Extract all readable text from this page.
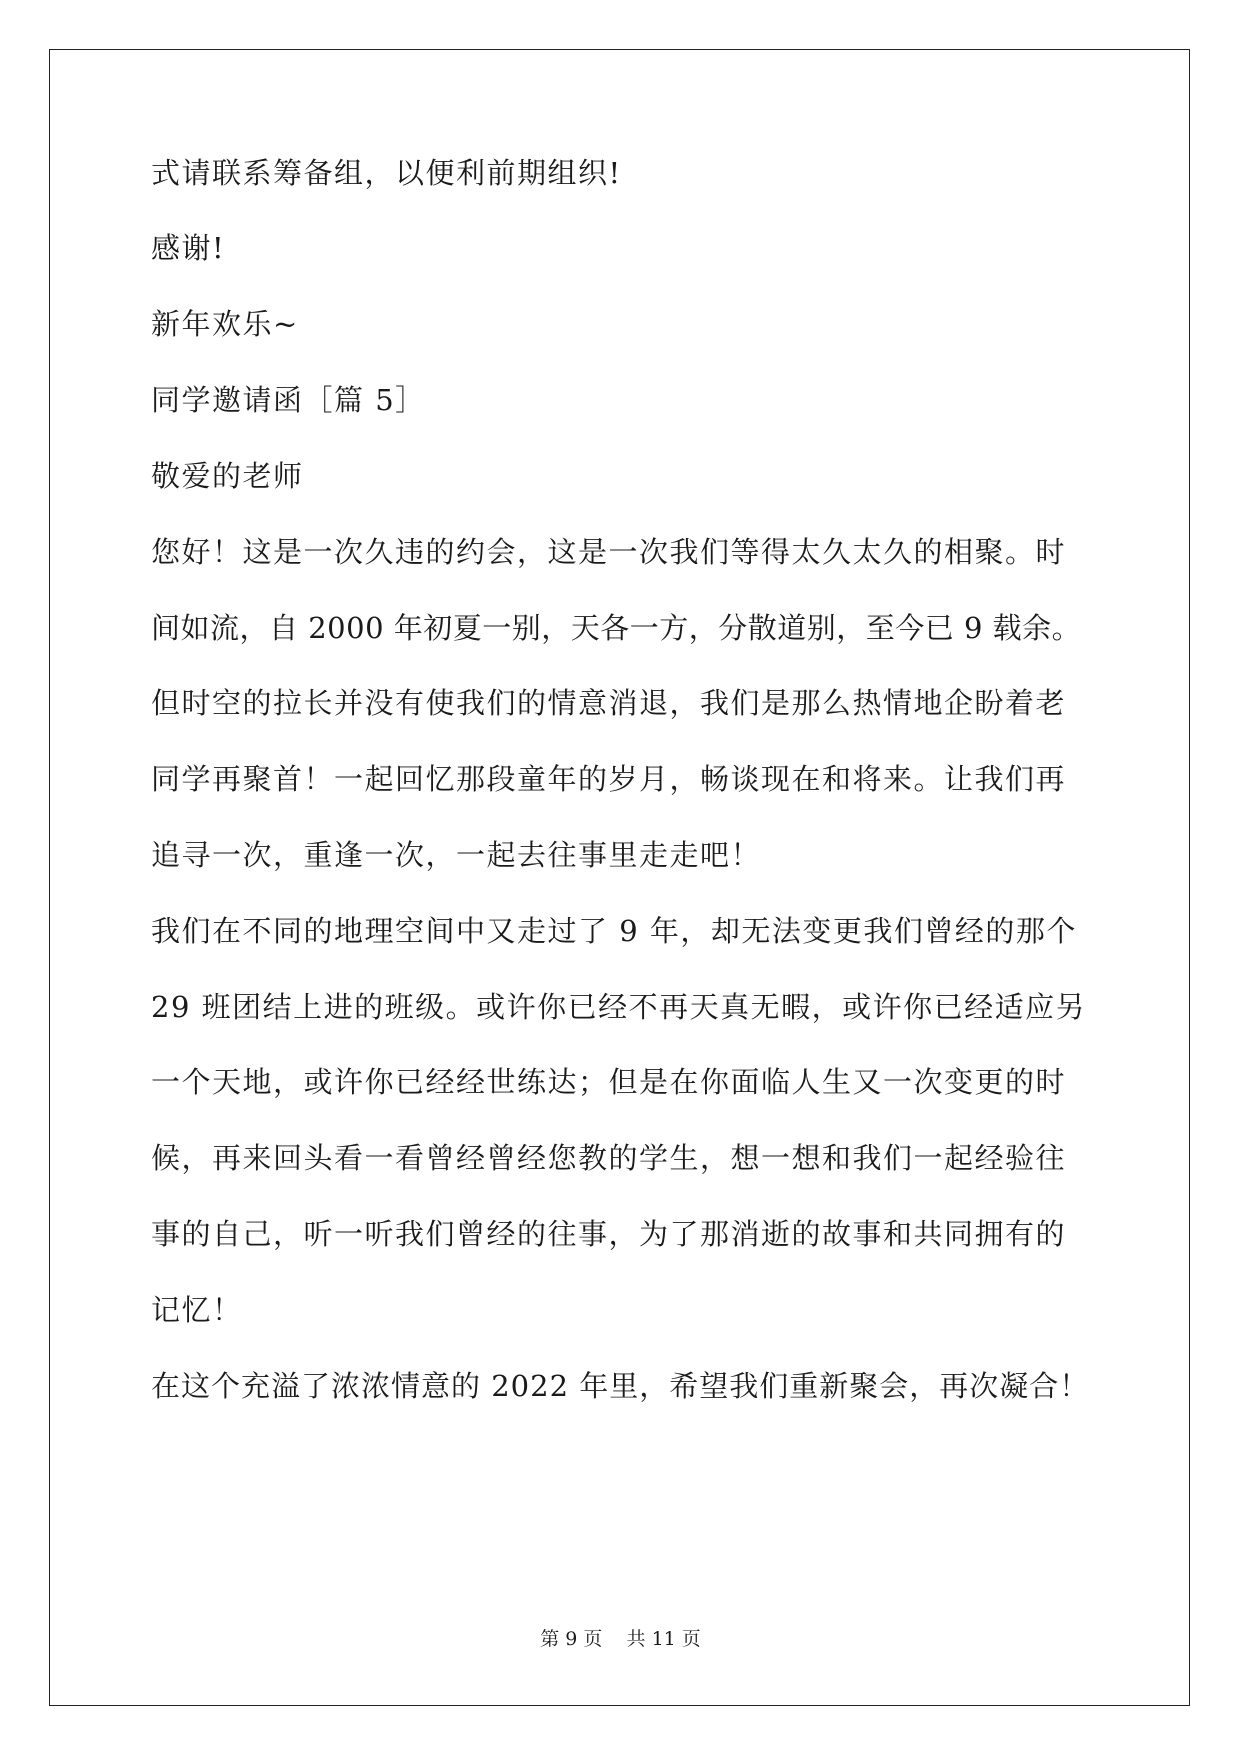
式请联系筹备组，以便利前期组织!
感谢!
新年欢乐~
同学邀请函［篇 5］
敬爱的老师
您好！这是一次久违的约会，这是一次我们等得太久太久的相聚。时
间如流，自 2000 年初夏一别，天各一方，分散道别，至今已 9 载余。
但时空的拉长并没有使我们的情意消退，我们是那么热情地企盼着老
同学再聚首！一起回忆那段童年的岁月，畅谈现在和将来。让我们再
追寻一次，重逢一次，一起去往事里走走吧！
我们在不同的地理空间中又走过了 9 年，却无法变更我们曾经的那个
29 班团结上进的班级。或许你已经不再天真无暇，或许你已经适应另
一个天地，或许你已经经世练达；但是在你面临人生又一次变更的时
候，再来回头看一看曾经曾经您教的学生，想一想和我们一起经验往
事的自己，听一听我们曾经的往事，为了那消逝的故事和共同拥有的
记忆！
在这个充溢了浓浓情意的 2022 年里，希望我们重新聚会，再次凝合！
第 9 页    共 11 页
